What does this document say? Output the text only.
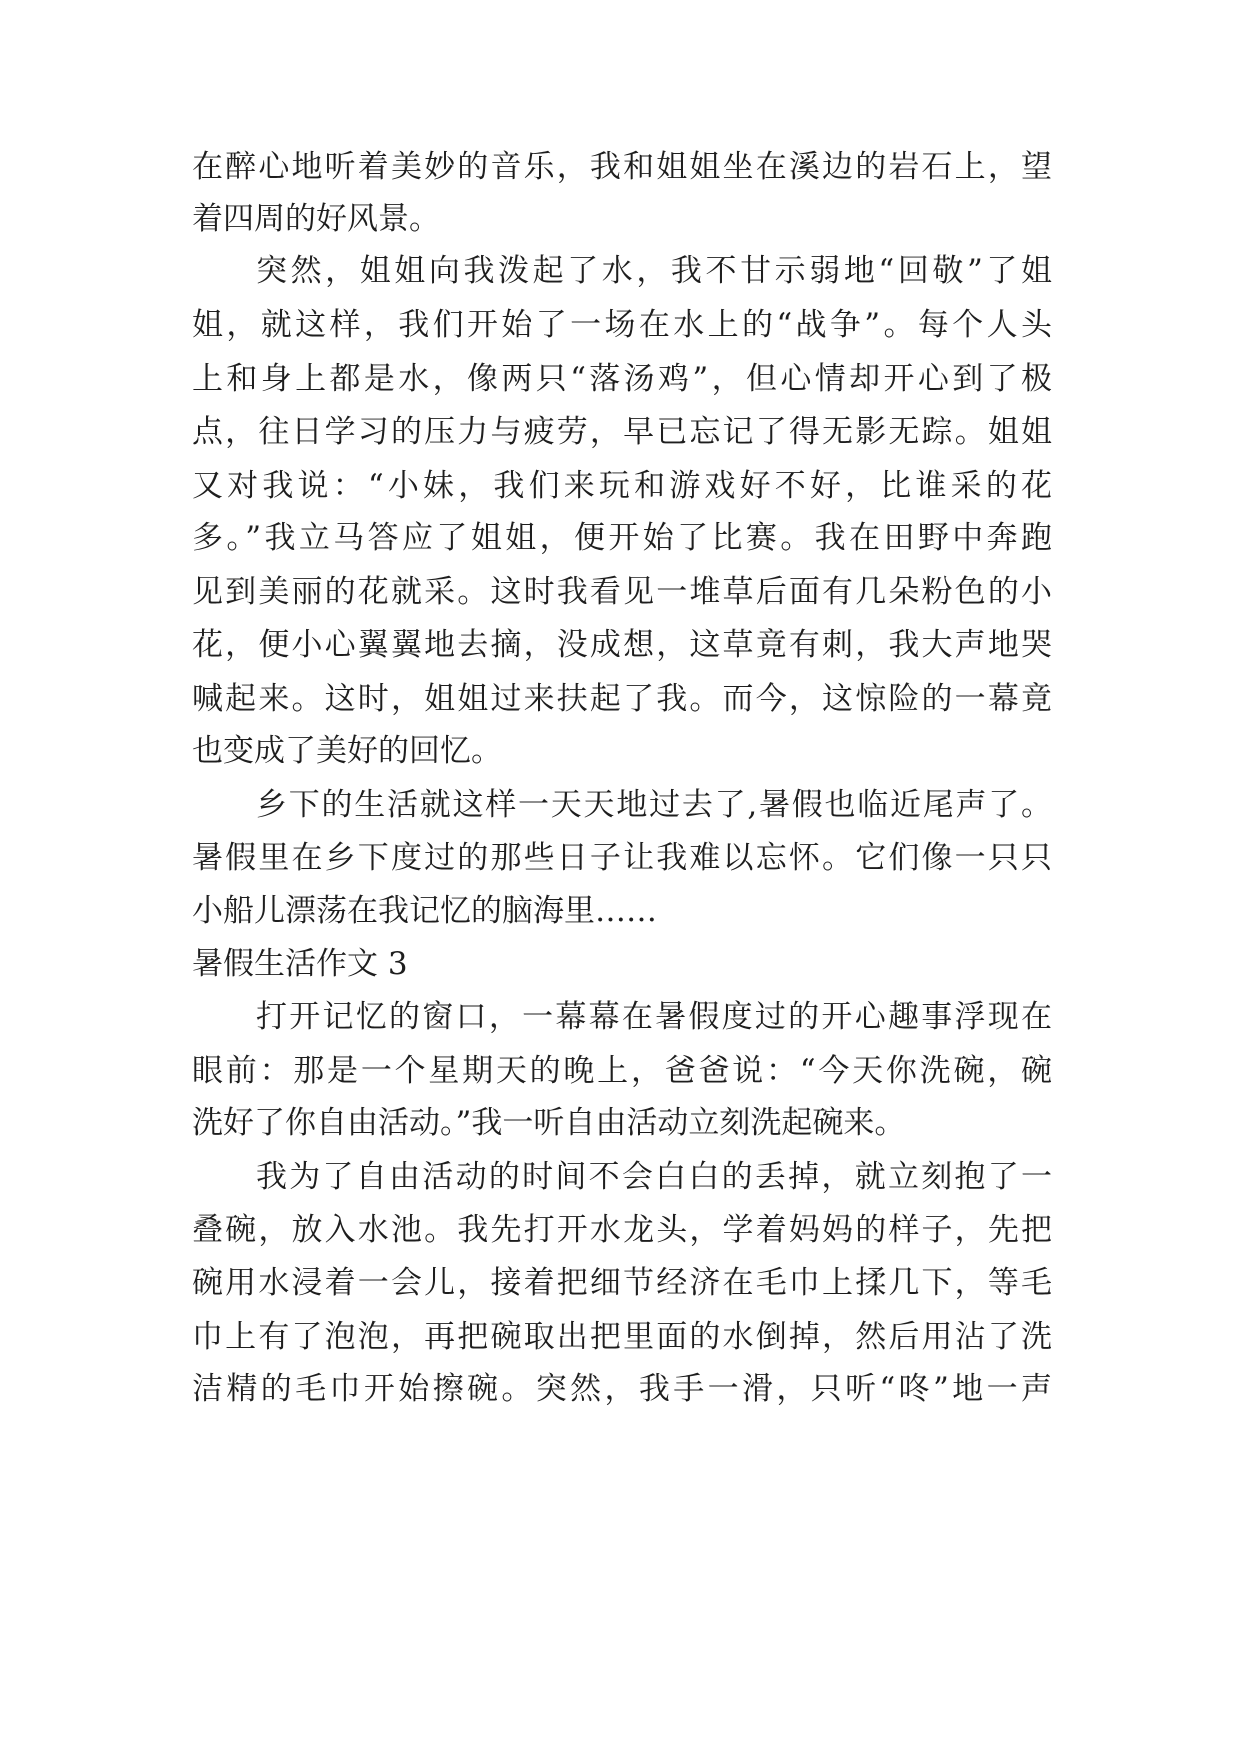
在醉心地听着美妙的音乐，我和姐姐坐在溪边的岩石上，望

着四周的好风景。

突然，姐姐向我泼起了水，我不甘示弱地“回敬”了姐

姐，就这样，我们开始了一场在水上的“战争”。每个人头

上和身上都是水，像两只“落汤鸡”，但心情却开心到了极

点，往日学习的压力与疲劳，早已忘记了得无影无踪。姐姐

又对我说：“小妹，我们来玩和游戏好不好，比谁采的花

多。”我立马答应了姐姐，便开始了比赛。我在田野中奔跑

见到美丽的花就采。这时我看见一堆草后面有几朵粉色的小

花，便小心翼翼地去摘，没成想，这草竟有刺，我大声地哭

喊起来。这时，姐姐过来扶起了我。而今，这惊险的一幕竟

也变成了美好的回忆。

乡下的生活就这样一天天地过去了,暑假也临近尾声了。

暑假里在乡下度过的那些日子让我难以忘怀。它们像一只只

小船儿漂荡在我记忆的脑海里……

暑假生活作文 3

打开记忆的窗口，一幕幕在暑假度过的开心趣事浮现在

眼前：那是一个星期天的晚上，爸爸说：“今天你洗碗，碗

洗好了你自由活动。”我一听自由活动立刻洗起碗来。

我为了自由活动的时间不会白白的丢掉，就立刻抱了一

叠碗，放入水池。我先打开水龙头，学着妈妈的样子，先把

碗用水浸着一会儿，接着把细节经济在毛巾上揉几下，等毛

巾上有了泡泡，再把碗取出把里面的水倒掉，然后用沾了洗

洁精的毛巾开始擦碗。突然，我手一滑，只听“咚”地一声
